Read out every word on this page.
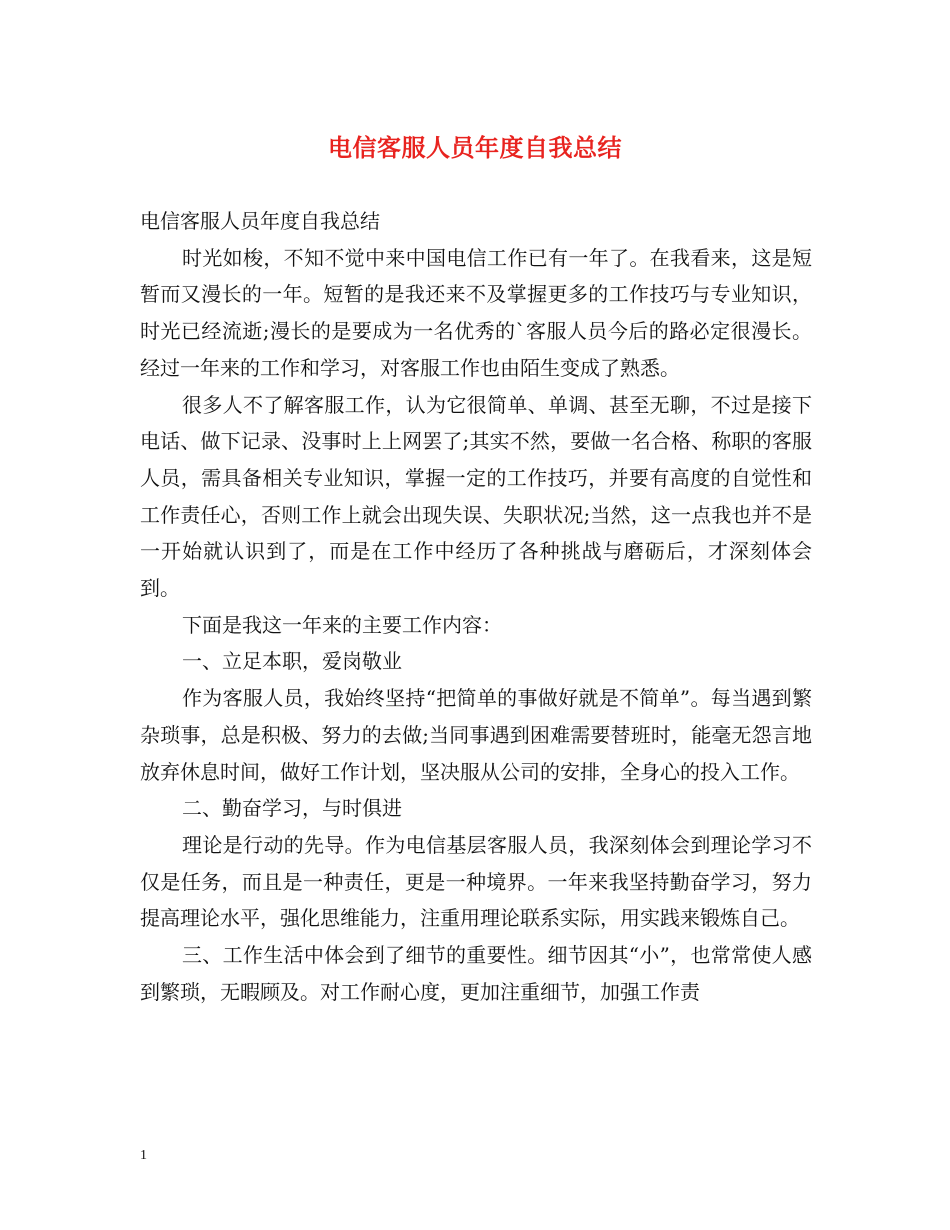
电信客服人员年度自我总结

电信客服人员年度自我总结

时光如梭，不知不觉中来中国电信工作已有一年了。在我看来，这是短暂而又漫长的一年。短暂的是我还来不及掌握更多的工作技巧与专业知识，时光已经流逝;漫长的是要成为一名优秀的`客服人员今后的路必定很漫长。经过一年来的工作和学习，对客服工作也由陌生变成了熟悉。

很多人不了解客服工作，认为它很简单、单调、甚至无聊，不过是接下电话、做下记录、没事时上上网罢了;其实不然，要做一名合格、称职的客服人员，需具备相关专业知识，掌握一定的工作技巧，并要有高度的自觉性和工作责任心，否则工作上就会出现失误、失职状况;当然，这一点我也并不是一开始就认识到了，而是在工作中经历了各种挑战与磨砺后，才深刻体会到。

下面是我这一年来的主要工作内容：

一、立足本职，爱岗敬业

作为客服人员，我始终坚持“把简单的事做好就是不简单”。每当遇到繁杂琐事，总是积极、努力的去做;当同事遇到困难需要替班时，能毫无怨言地放弃休息时间，做好工作计划，坚决服从公司的安排，全身心的投入工作。

二、勤奋学习，与时俱进

理论是行动的先导。作为电信基层客服人员，我深刻体会到理论学习不仅是任务，而且是一种责任，更是一种境界。一年来我坚持勤奋学习，努力提高理论水平，强化思维能力，注重用理论联系实际，用实践来锻炼自己。

三、工作生活中体会到了细节的重要性。细节因其“小”，也常常使人感到繁琐，无暇顾及。对工作耐心度，更加注重细节，加强工作责

1
